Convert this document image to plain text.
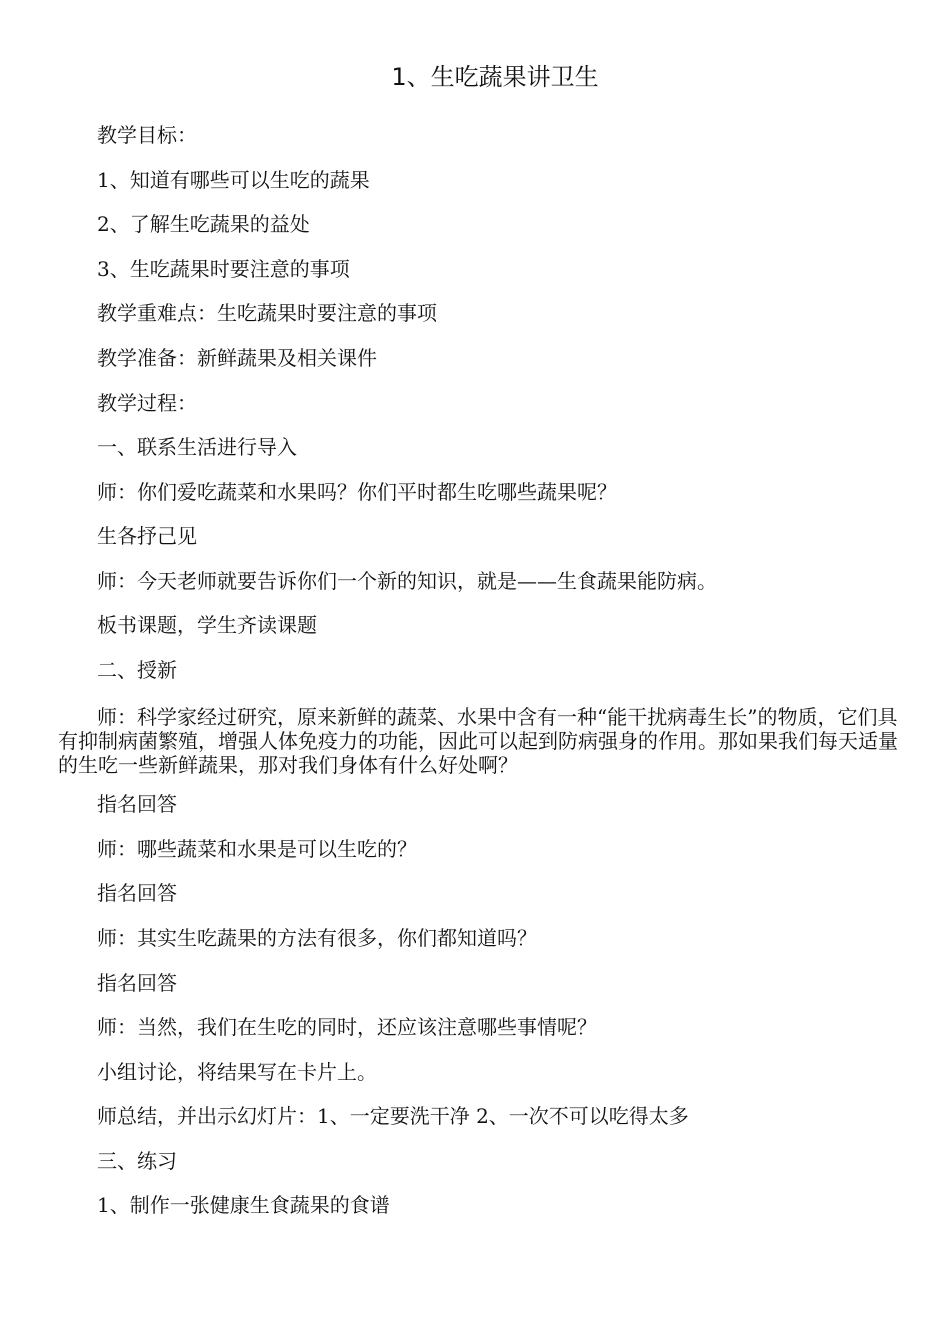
1、生吃蔬果讲卫生
教学目标：
1、知道有哪些可以生吃的蔬果
2、了解生吃蔬果的益处
3、生吃蔬果时要注意的事项
教学重难点：生吃蔬果时要注意的事项
教学准备：新鲜蔬果及相关课件
教学过程：
一、联系生活进行导入
师：你们爱吃蔬菜和水果吗？你们平时都生吃哪些蔬果呢？
生各抒己见
师：今天老师就要告诉你们一个新的知识，就是——生食蔬果能防病。
板书课题，学生齐读课题
二、授新

师：科学家经过研究，原来新鲜的蔬菜、水果中含有一种“能干扰病毒生长”的物质，它们具有抑制病菌繁殖，增强人体免疫力的功能，因此可以起到防病强身的作用。那如果我们每天适量的生吃一些新鲜蔬果，那对我们身体有什么好处啊？

指名回答
师：哪些蔬菜和水果是可以生吃的？
指名回答
师：其实生吃蔬果的方法有很多，你们都知道吗？
指名回答
师：当然，我们在生吃的同时，还应该注意哪些事情呢？
小组讨论，将结果写在卡片上。
师总结，并出示幻灯片：1、一定要洗干净 2、一次不可以吃得太多
三、练习
1、制作一张健康生食蔬果的食谱
